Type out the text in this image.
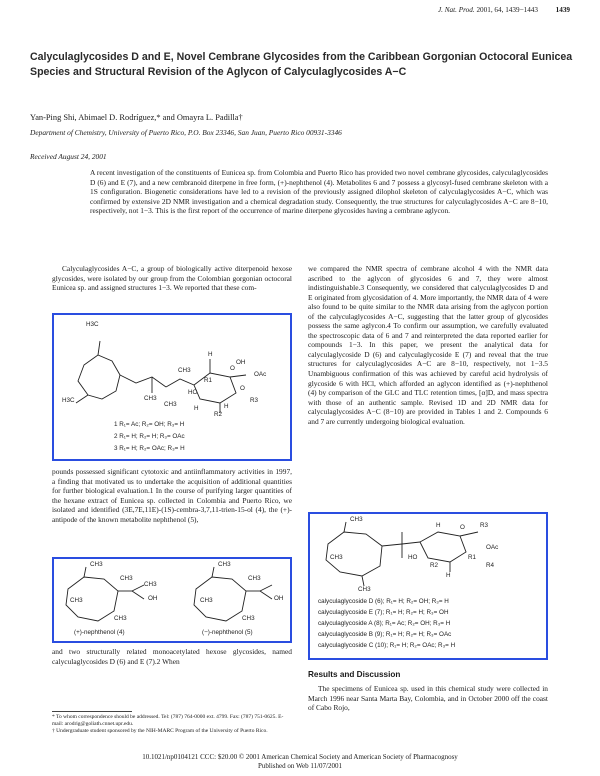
J. Nat. Prod. 2001, 64, 1439−1443 1439
Calyculaglycosides D and E, Novel Cembrane Glycosides from the Caribbean Gorgonian Octocoral Eunicea Species and Structural Revision of the Aglycon of Calyculaglycosides A−C
Yan-Ping Shi, Abimael D. Rodríguez,* and Omayra L. Padilla†
Department of Chemistry, University of Puerto Rico, P.O. Box 23346, San Juan, Puerto Rico 00931-3346
Received August 24, 2001
A recent investigation of the constituents of Eunicea sp. from Colombia and Puerto Rico has provided two novel cembrane glycosides, calyculaglycosides D (6) and E (7), and a new cembranoid diterpene in free form, (+)-nephthenol (4). Metabolites 6 and 7 possess a glycosyl-fused cembrane skeleton with a 1S configuration. Biogenetic considerations have led to a revision of the previously assigned dilophol skeleton of calyculaglycosides A−C, which was confirmed by extensive 2D NMR investigation and a chemical degradation study. Consequently, the true structures for calyculaglycosides A−C are 8−10, respectively, not 1−3. This is the first report of the occurrence of marine diterpene glycosides having a cembrane aglycon.

Calyculaglycosides A−C, a group of biologically active diterpenoid hexose glycosides, were isolated by our group from the Colombian gorgonian octocoral Eunicea sp. and assigned structures 1−3. We reported that these com-

H3C
H3C	CH3
CH3
CH3
H
O
OH
HO
R1
R2
H	H
O
OAc
R3
1 R₁= Ac; R₂= OH; R₃= H
2 R₁= H; R₂= H; R₃= OAc
3 R₁= H; R₂= OAc; R₃= H

pounds possessed significant cytotoxic and antiinflammatory activities in 1997, a finding that motivated us to undertake the acquisition of additional quantities for further biological evaluation.1 In the course of purifying larger quantities of the hexane extract of Eunicea sp. collected in Colombia and Puerto Rico, we isolated and identified (3E,7E,11E)-(1S)-cembra-3,7,11-trien-15-ol (4), the (+)-antipode of the known metabolite nephthenol (5),

CH3
CH3
CH3
CH3
OH
CH3
CH3
CH3
CH3
CH3
OH
(+)-nephthenol (4)	(−)-nephthenol (5)

and two structurally related monoacetylated hexose glycosides, named calyculaglycosides D (6) and E (7).2 When

we compared the NMR spectra of cembrane alcohol 4 with the NMR data ascribed to the aglycon of glycosides 6 and 7, they were almost indistinguishable.3 Consequently, we considered that calyculaglycosides D and E originated from glycosidation of 4. More importantly, the NMR data of 4 were also found to be quite similar to the NMR data arising from the aglycon portion of the calyculaglycosides A−C, suggesting that the latter group of glycosides possess the same aglycon.4 To confirm our assumption, we carefully evaluated the spectroscopic data of 6 and 7 and reinterpreted the data reported earlier for compounds 1−3. In this paper, we present the analytical data for calyculaglycoside D (6) and calyculaglycoside E (7) and reveal that the true structures for calyculaglycosides A−C are 8−10, respectively, not 1−3.5 Unambiguous confirmation of this was achieved by careful acid hydrolysis of glycoside 6 with HCl, which afforded an aglycon identified as (+)-nephthenol (4) by comparison of the GLC and TLC retention times, [α]D, and mass spectra with those of an authentic sample. Revised 1D and 2D NMR data for calyculaglycosides A−C (8−10) are provided in Tables 1 and 2. Compounds 6 and 7 are currently undergoing biological evaluation.

CH3
CH3
CH3
H	O R3
HO
R2
R1
OAc
R4
H
calyculaglycoside D (6); R₁= H; R₂= OH; R₃= H
calyculaglycoside E (7); R₁= H; R₂= H; R₃= OH
calyculaglycoside A (8); R₁= Ac; R₂= OH; R₃= H
calyculaglycoside B (9); R₁= H; R₂= H; R₃= OAc
calyculaglycoside C (10); R₁= H; R₂= OAc; R₃= H
Results and Discussion

The specimens of Eunicea sp. used in this chemical study were collected in March 1996 near Santa Marta Bay, Colombia, and in October 2000 off the coast of Cabo Rojo,

* To whom correspondence should be addressed. Tel: (787) 764-0000 ext. 4799. Fax: (787) 751-0625. E-mail: arodrig@goliath.cnnet.upr.edu.
† Undergraduate student sponsored by the NIH-MARC Program of the University of Puerto Rico.
10.1021/np0104121 CCC: $20.00 © 2001 American Chemical Society and American Society of Pharmacognosy
Published on Web 11/07/2001
